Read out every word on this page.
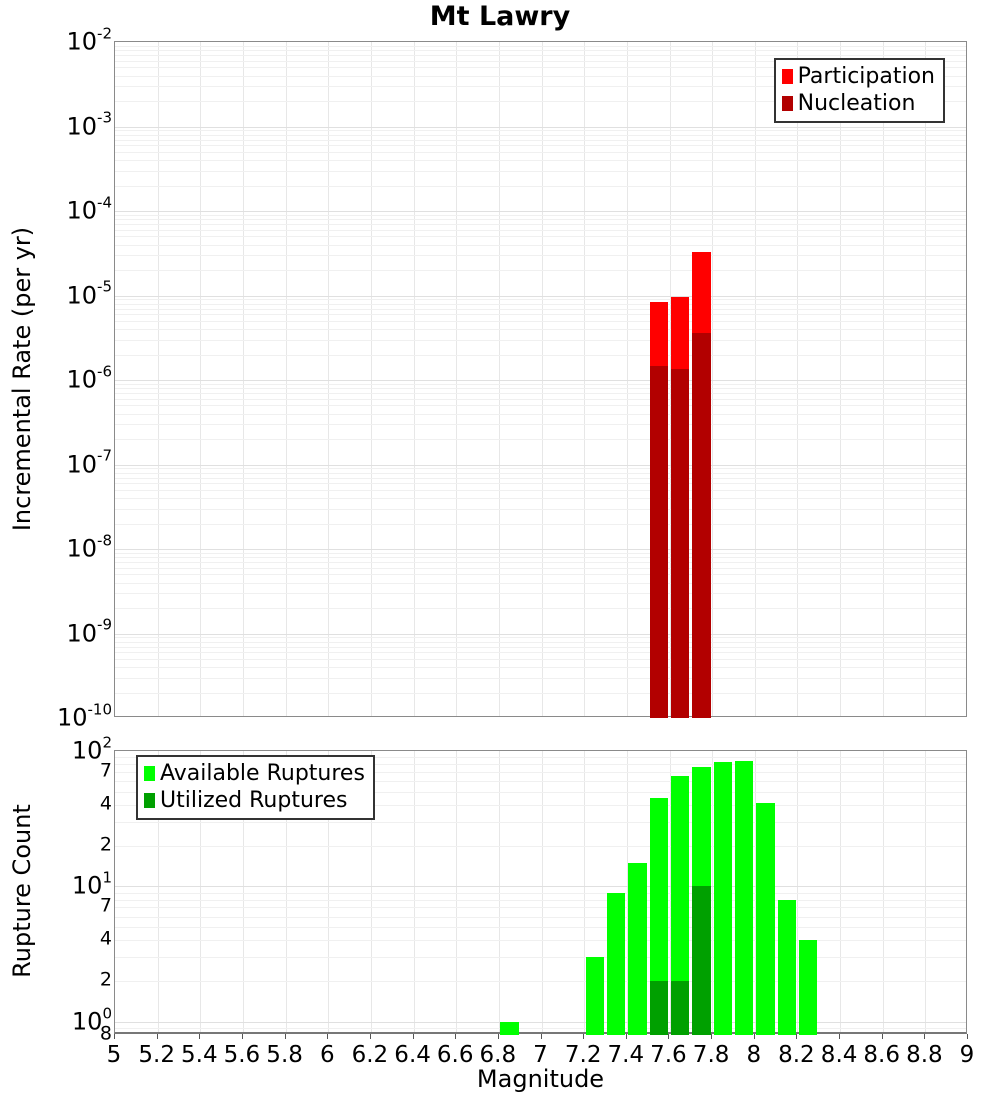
Mt Lawry
Incremental Rate (per yr)
Rupture Count
Participation
Nucleation
Available Ruptures
Utilized Ruptures
Magnitude
$10^{-2}$
$10^{-3}$
$10^{-4}$
$10^{-5}$
$10^{-6}$
$10^{-7}$
$10^{-8}$
$10^{-9}$
$10^{-10}$
$10^2$
7
4
2
$10^1$
7
4
2
$10^0$
8
5 5.2 5.4 5.6 5.8 6 6.2 6.4 6.6 6.8 7 7.2 7.4 7.6 7.8 8 8.2 8.4 8.6 8.8 9
